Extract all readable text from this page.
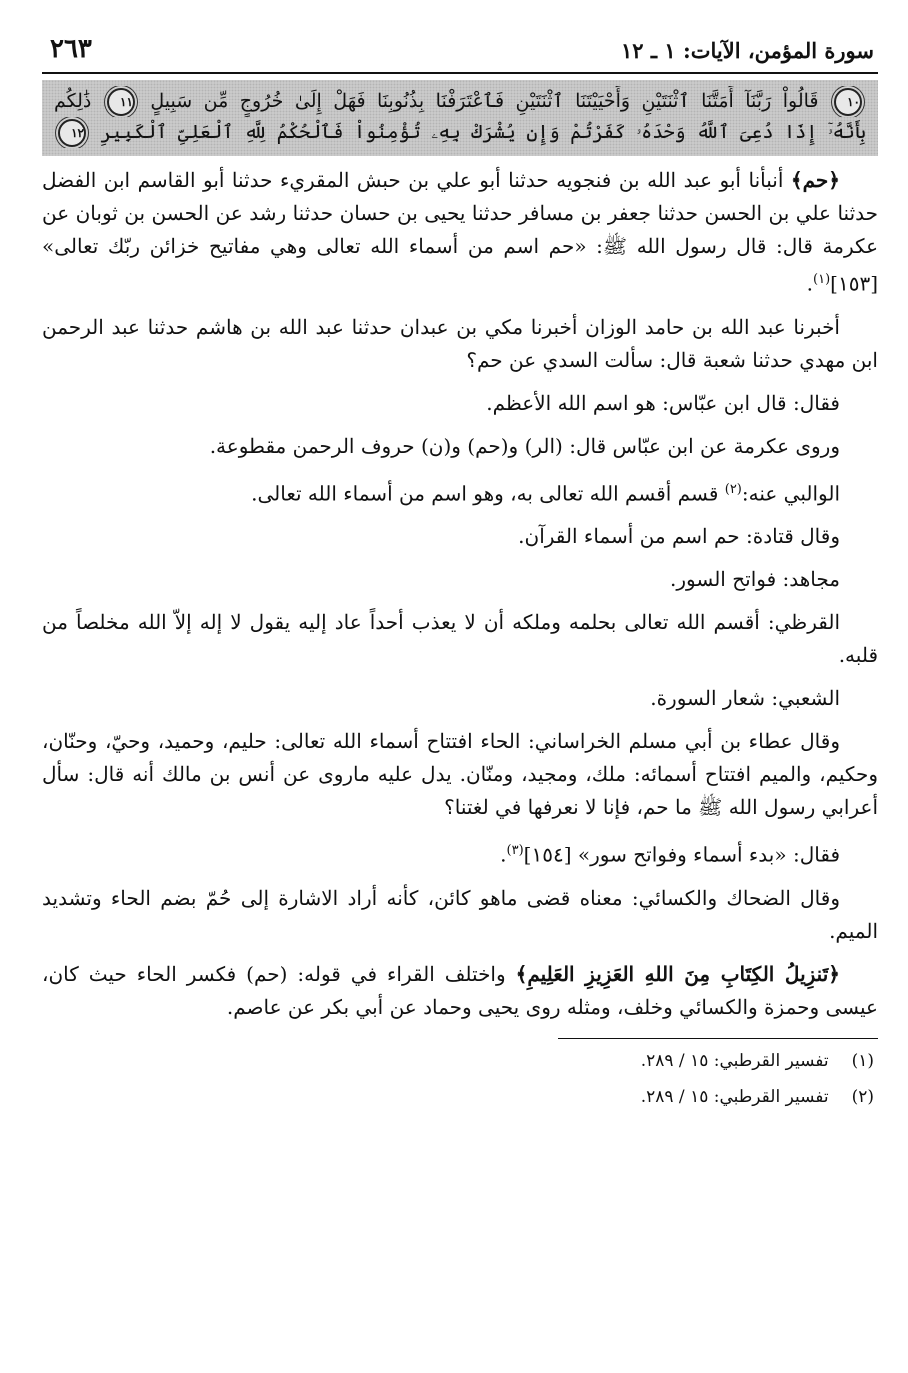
سورة المؤمن، الآيات: ١ ـ ١٢
٢٦٣
١٠ قَالُواْ رَبَّنَآ أَمَتَّنَا ٱثْنَتَيْنِ وَأَحْيَيْتَنَا ٱثْنَتَيْنِ فَٱعْتَرَفْنَا بِذُنُوبِنَا فَهَلْ إِلَىٰ خُرُوجٍ مِّن سَبِيلٍ ١١ ذَٰلِكُم
بِأَنَّهُۥٓ إِذَا دُعِىَ ٱللَّهُ وَحْدَهُۥ كَفَرْتُمْ وَإِن يُشْرَكْ بِهِۦ تُؤْمِنُواْ فَٱلْحُكْمُ لِلَّهِ ٱلْعَلِىِّ ٱلْكَبِيرِ ١٢

﴿حم﴾ أنبأنا أبو عبد الله بن فنجويه حدثنا أبو علي بن حبش المقريء حدثنا أبو القاسم ابن الفضل حدثنا علي بن الحسن حدثنا جعفر بن مسافر حدثنا يحيى بن حسان حدثنا رشد عن الحسن بن ثوبان عن عكرمة قال: قال رسول الله ﷺ: «حم اسم من أسماء الله تعالى وهي مفاتيح خزائن ربّك تعالى» [١٥٣]$^{(١)}$.

أخبرنا عبد الله بن حامد الوزان أخبرنا مكي بن عبدان حدثنا عبد الله بن هاشم حدثنا عبد الرحمن ابن مهدي حدثنا شعبة قال: سألت السدي عن حم؟

فقال: قال ابن عبّاس: هو اسم الله الأعظم.

وروى عكرمة عن ابن عبّاس قال: (الر) و(حم) و(ن) حروف الرحمن مقطوعة.

الوالبي عنه:$^{(٢)}$ قسم أقسم الله تعالى به، وهو اسم من أسماء الله تعالى.

وقال قتادة: حم اسم من أسماء القرآن.

مجاهد: فواتح السور.

القرظي: أقسم الله تعالى بحلمه وملكه أن لا يعذب أحداً عاد إليه يقول لا إله إلاّ الله مخلصاً من قلبه.

الشعبي: شعار السورة.

وقال عطاء بن أبي مسلم الخراساني: الحاء افتتاح أسماء الله تعالى: حليم، وحميد، وحيّ، وحنّان، وحكيم، والميم افتتاح أسمائه: ملك، ومجيد، ومنّان. يدل عليه ماروى عن أنس بن مالك أنه قال: سأل أعرابي رسول الله ﷺ ما حم، فإنا لا نعرفها في لغتنا؟

فقال: «بدء أسماء وفواتح سور» [١٥٤]$^{(٣)}$.

وقال الضحاك والكسائي: معناه قضى ماهو كائن، كأنه أراد الاشارة إلى حُمّ بضم الحاء وتشديد الميم.

﴿تَنزِيلُ الكِتَابِ مِنَ اللهِ العَزِيزِ العَلِيمِ﴾ واختلف القراء في قوله: (حم) فكسر الحاء حيث كان، عيسى وحمزة والكسائي وخلف، ومثله روى يحيى وحماد عن أبي بكر عن عاصم.

(١) تفسير القرطبي: ١٥ / ٢٨٩.
(٢) تفسير القرطبي: ١٥ / ٢٨٩.
